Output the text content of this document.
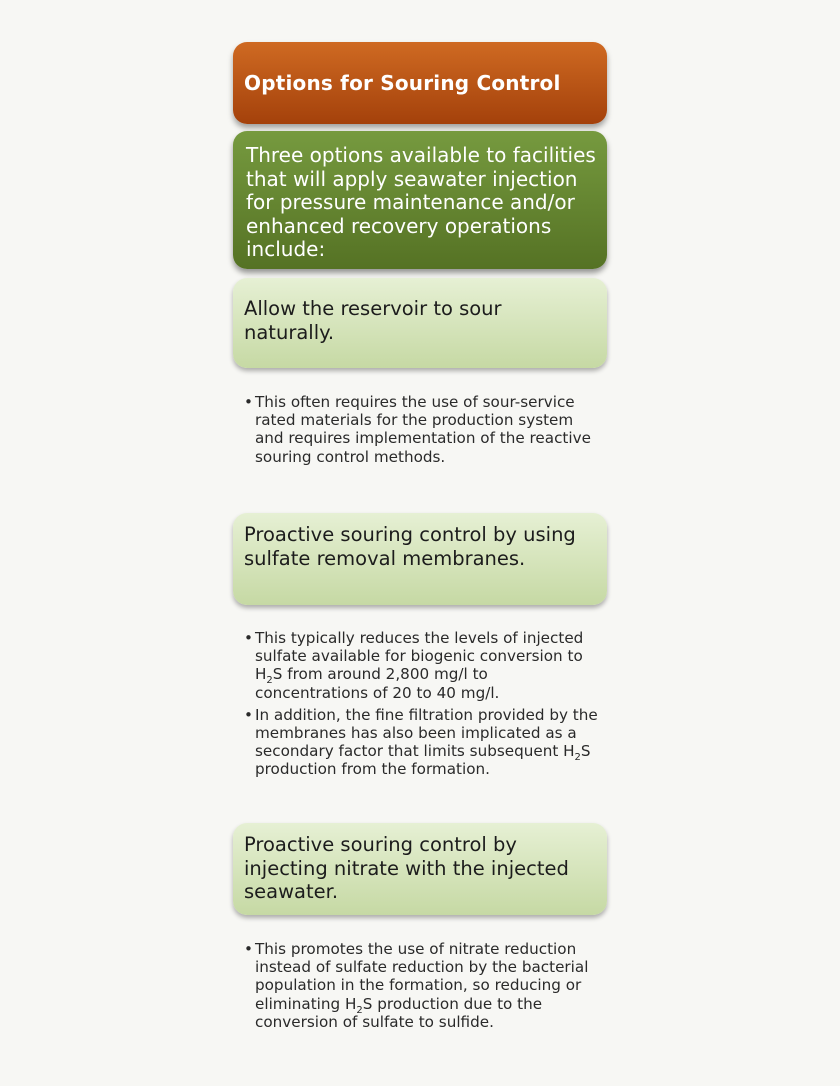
Options for Souring Control
Three options available to facilities that will apply seawater injection for pressure maintenance and/or enhanced recovery operations include:
Allow the reservoir to sour naturally.
• This often requires the use of sour-service rated materials for the production system and requires implementation of the reactive souring control methods.
Proactive souring control by using sulfate removal membranes.
• This typically reduces the levels of injected sulfate available for biogenic conversion to $H_2S$ from around 2,800 mg/l to concentrations of 20 to 40 mg/l.
• In addition, the fine filtration provided by the membranes has also been implicated as a secondary factor that limits subsequent $H_2S$ production from the formation.
Proactive souring control by injecting nitrate with the injected seawater.
• This promotes the use of nitrate reduction instead of sulfate reduction by the bacterial population in the formation, so reducing or eliminating $H_2S$ production due to the conversion of sulfate to sulfide.
